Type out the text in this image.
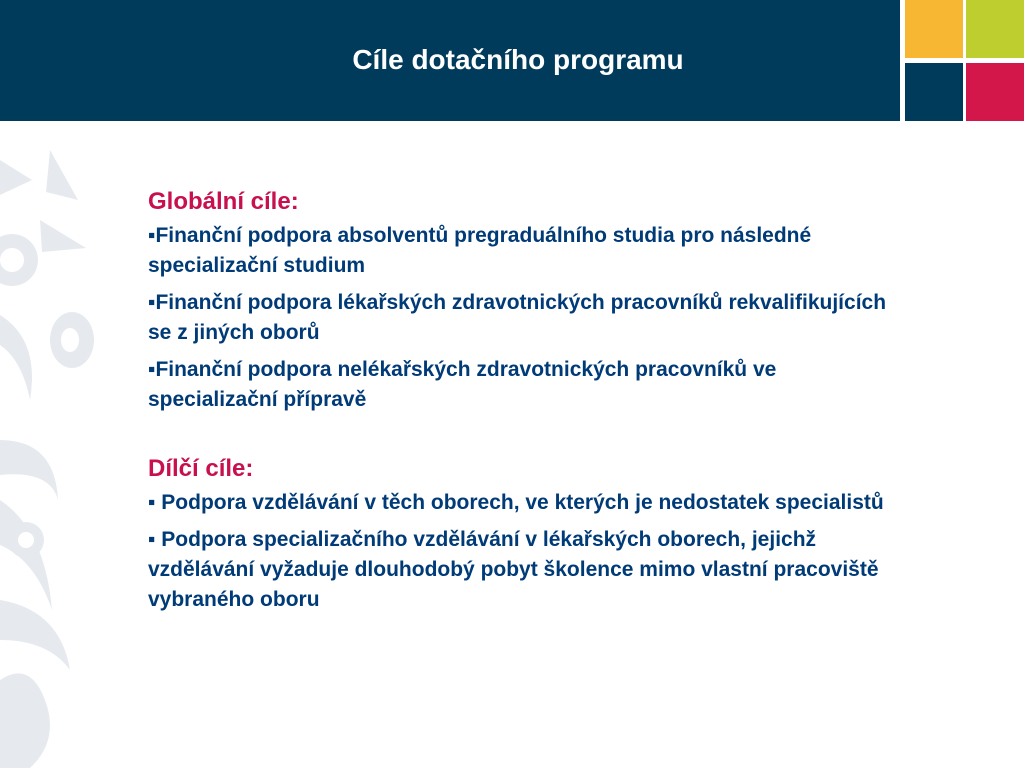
Cíle dotačního programu
Globální cíle:
▪Finanční podpora absolventů pregraduálního studia pro následné specializační studium
▪Finanční podpora lékařských zdravotnických pracovníků rekvalifikujících se z jiných oborů
▪Finanční podpora nelékařských zdravotnických pracovníků ve specializační přípravě
Dílčí cíle:
▪ Podpora vzdělávání v těch oborech, ve kterých je nedostatek specialistů
▪ Podpora specializačního vzdělávání v lékařských oborech, jejichž vzdělávání vyžaduje dlouhodobý pobyt školence mimo vlastní pracoviště vybraného oboru
